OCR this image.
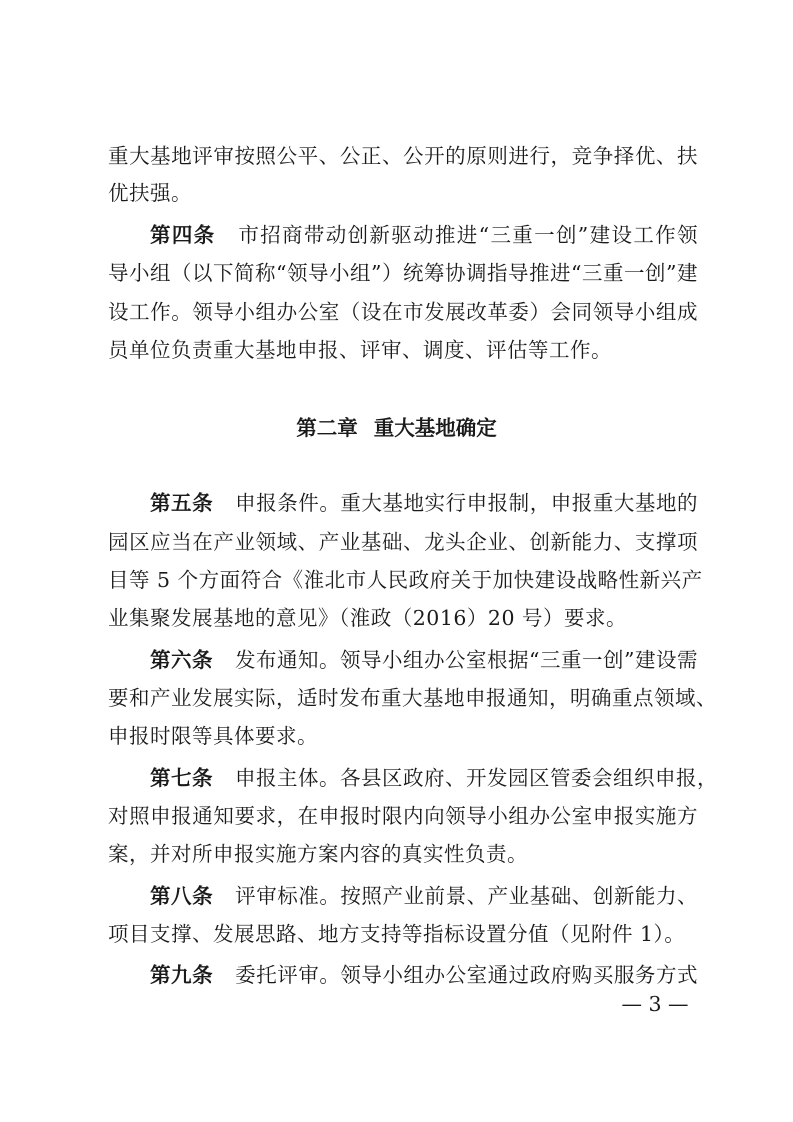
重大基地评审按照公平、公正、公开的原则进行，竞争择优、扶
优扶强。
第四条 市招商带动创新驱动推进“三重一创”建设工作领
导小组（以下简称“领导小组”）统筹协调指导推进“三重一创”建
设工作。领导小组办公室（设在市发展改革委）会同领导小组成
员单位负责重大基地申报、评审、调度、评估等工作。
第二章 重大基地确定
第五条 申报条件。重大基地实行申报制，申报重大基地的
园区应当在产业领域、产业基础、龙头企业、创新能力、支撑项
目等 5 个方面符合《淮北市人民政府关于加快建设战略性新兴产
业集聚发展基地的意见》（淮政（2016）20 号）要求。
第六条 发布通知。领导小组办公室根据“三重一创”建设需
要和产业发展实际，适时发布重大基地申报通知，明确重点领域、
申报时限等具体要求。
第七条 申报主体。各县区政府、开发园区管委会组织申报，
对照申报通知要求，在申报时限内向领导小组办公室申报实施方
案，并对所申报实施方案内容的真实性负责。
第八条 评审标准。按照产业前景、产业基础、创新能力、
项目支撑、发展思路、地方支持等指标设置分值（见附件 1）。
第九条 委托评审。领导小组办公室通过政府购买服务方式
— 3 —
